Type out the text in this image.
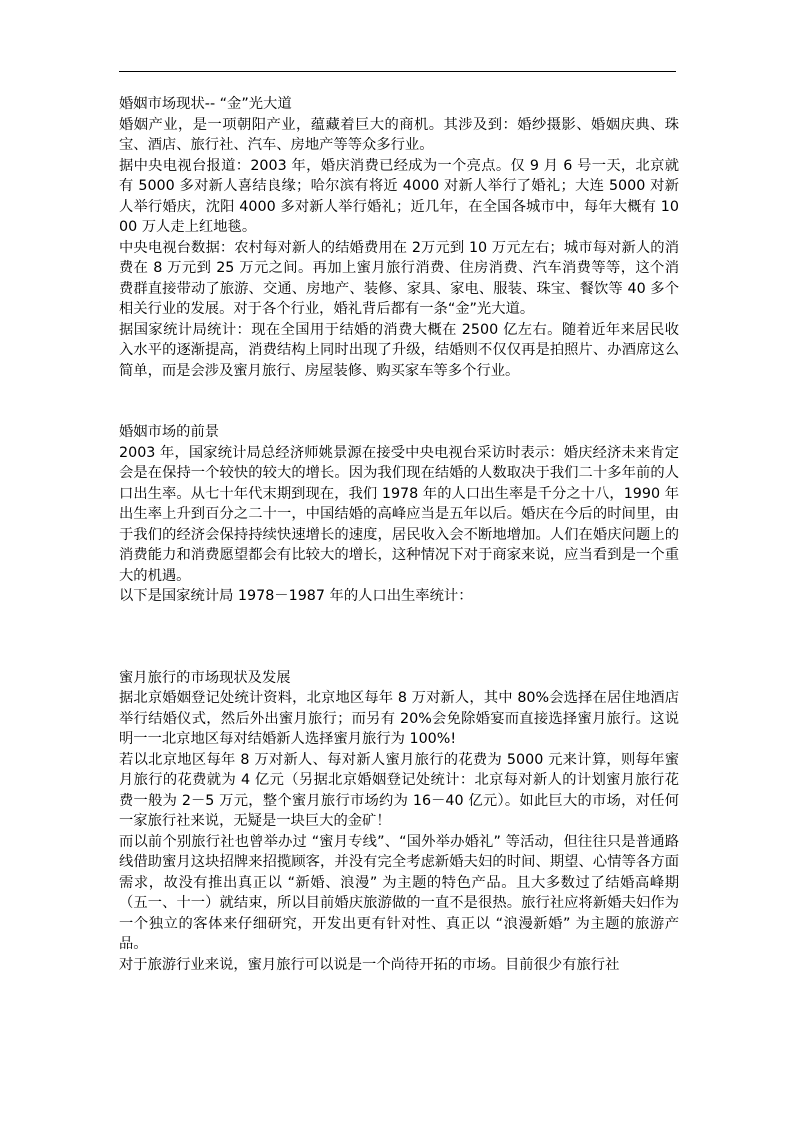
婚姻市场现状-- “金”光大道

婚姻产业，是一项朝阳产业，蕴藏着巨大的商机。其涉及到：婚纱摄影、婚姻庆典、珠宝、酒店、旅行社、汽车、房地产等等众多行业。

据中央电视台报道：2003 年，婚庆消费已经成为一个亮点。仅 9 月 6 号一天，北京就有 5000 多对新人喜结良缘；哈尔滨有将近 4000 对新人举行了婚礼；大连 5000 对新人举行婚庆，沈阳 4000 多对新人举行婚礼；近几年，在全国各城市中，每年大概有 1000 万人走上红地毯。

中央电视台数据：农村每对新人的结婚费用在 2万元到 10 万元左右；城市每对新人的消费在 8 万元到 25 万元之间。再加上蜜月旅行消费、住房消费、汽车消费等等，这个消费群直接带动了旅游、交通、房地产、装修、家具、家电、服装、珠宝、餐饮等 40 多个相关行业的发展。对于各个行业，婚礼背后都有一条“金”光大道。

据国家统计局统计：现在全国用于结婚的消费大概在 2500 亿左右。随着近年来居民收入水平的逐渐提高，消费结构上同时出现了升级，结婚则不仅仅再是拍照片、办酒席这么简单，而是会涉及蜜月旅行、房屋装修、购买家车等多个行业。

婚姻市场的前景

2003 年，国家统计局总经济师姚景源在接受中央电视台采访时表示：婚庆经济未来肯定会是在保持一个较快的较大的增长。因为我们现在结婚的人数取决于我们二十多年前的人口出生率。从七十年代末期到现在，我们 1978 年的人口出生率是千分之十八，1990 年出生率上升到百分之二十一，中国结婚的高峰应当是五年以后。婚庆在今后的时间里，由于我们的经济会保持持续快速增长的速度，居民收入会不断地增加。人们在婚庆问题上的消费能力和消费愿望都会有比较大的增长，这种情况下对于商家来说，应当看到是一个重大的机遇。

以下是国家统计局 1978－1987 年的人口出生率统计：

蜜月旅行的市场现状及发展

据北京婚姻登记处统计资料，北京地区每年 8 万对新人，其中 80%会选择在居住地酒店举行结婚仪式，然后外出蜜月旅行；而另有 20%会免除婚宴而直接选择蜜月旅行。这说明一一北京地区每对结婚新人选择蜜月旅行为 100%!

若以北京地区每年 8 万对新人、每对新人蜜月旅行的花费为 5000 元来计算，则每年蜜月旅行的花费就为 4 亿元（另据北京婚姻登记处统计：北京每对新人的计划蜜月旅行花费一般为 2－5 万元，整个蜜月旅行市场约为 16－40 亿元）。如此巨大的市场，对任何一家旅行社来说，无疑是一块巨大的金矿！

而以前个别旅行社也曾举办过 “蜜月专线”、“国外举办婚礼” 等活动，但往往只是普通路线借助蜜月这块招牌来招揽顾客，并没有完全考虑新婚夫妇的时间、期望、心情等各方面需求，故没有推出真正以 “新婚、浪漫” 为主题的特色产品。且大多数过了结婚高峰期（五一、十一）就结束，所以目前婚庆旅游做的一直不是很热。旅行社应将新婚夫妇作为一个独立的客体来仔细研究，开发出更有针对性、真正以 “浪漫新婚” 为主题的旅游产品。

对于旅游行业来说，蜜月旅行可以说是一个尚待开拓的市场。目前很少有旅行社
